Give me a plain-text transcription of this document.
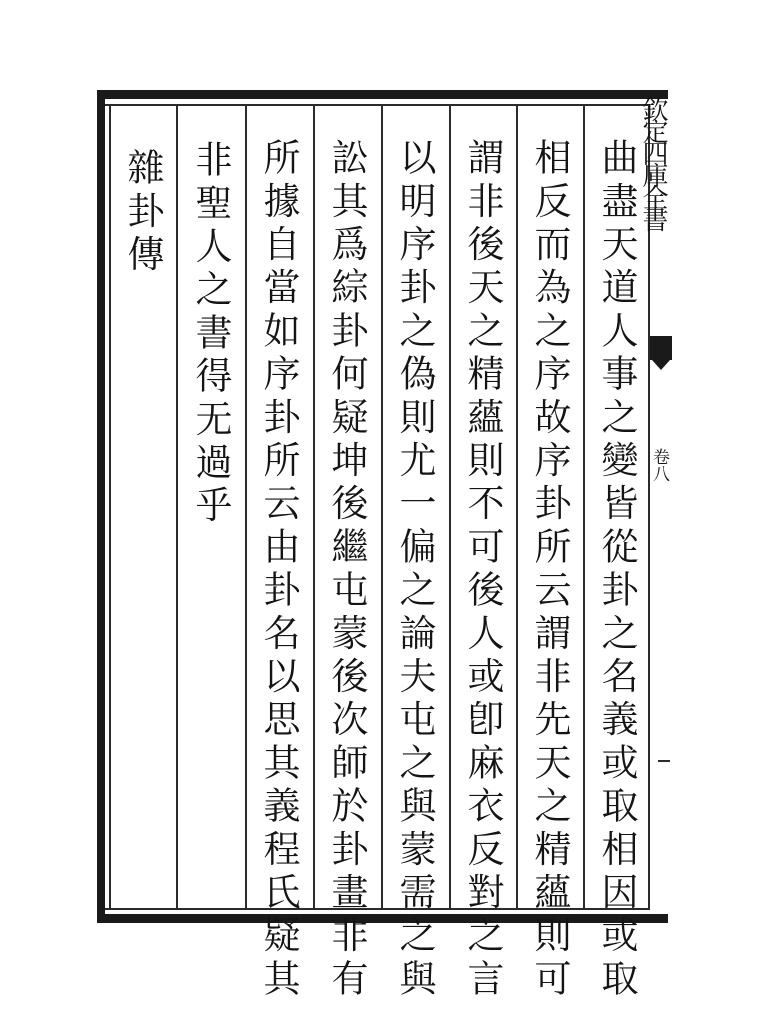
欽定四庫全書
卷八
曲盡天道人事之變皆從卦之名義或取相因或取
相反而為之序故序卦所云謂非先天之精蘊則可
謂非後天之精蘊則不可後人或卽麻衣反對之言
以明序卦之偽則尤一偏之論夫屯之與蒙需之與
訟其爲綜卦何疑坤後繼屯蒙後次師於卦畫非有
所據自當如序卦所云由卦名以思其義程氏疑其
非聖人之書得无過乎
雜卦傳
